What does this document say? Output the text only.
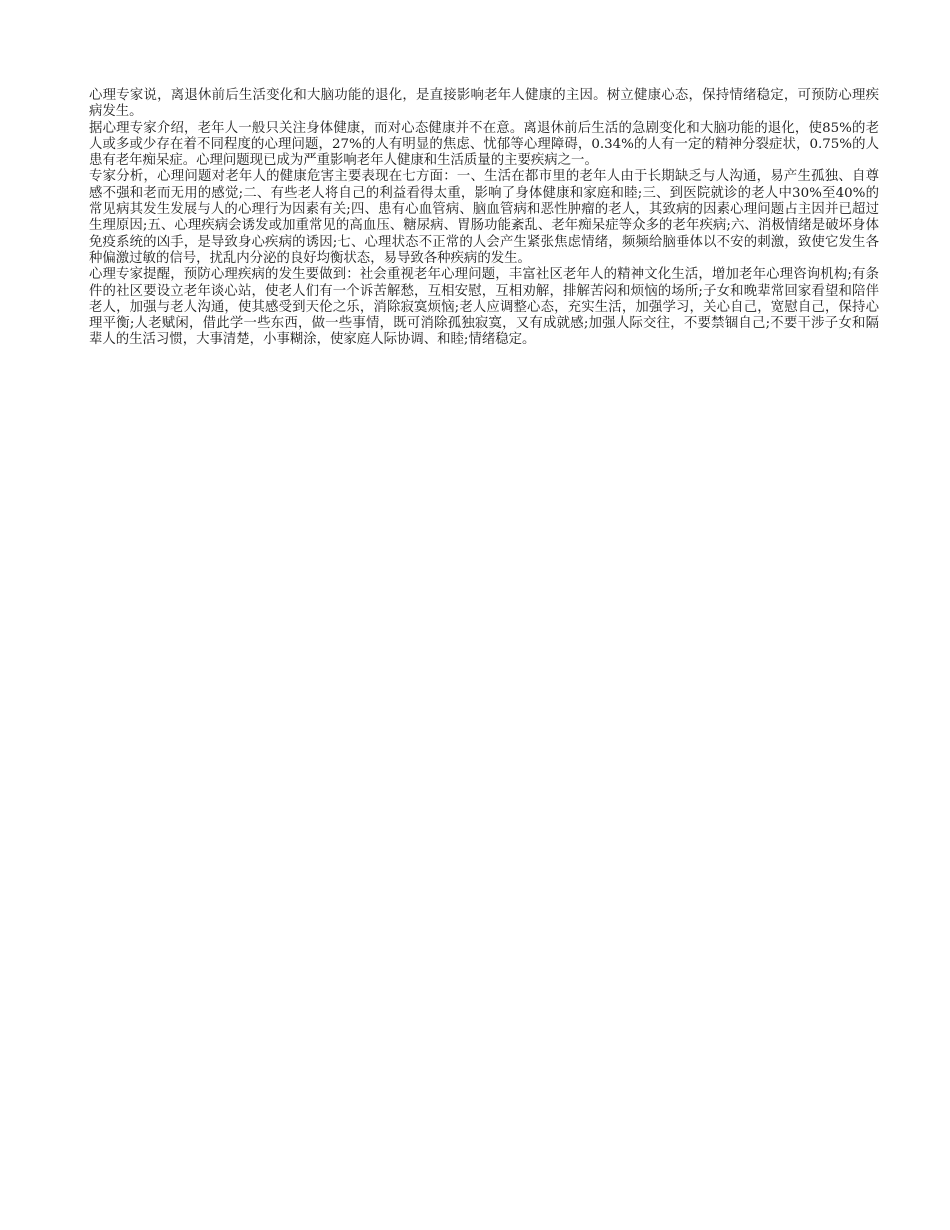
心理专家说，离退休前后生活变化和大脑功能的退化，是直接影响老年人健康的主因。树立健康心态，保持情绪稳定，可预防心理疾病发生。

据心理专家介绍，老年人一般只关注身体健康，而对心态健康并不在意。离退休前后生活的急剧变化和大脑功能的退化，使85%的老人或多或少存在着不同程度的心理问题，27%的人有明显的焦虑、忧郁等心理障碍，0.34%的人有一定的精神分裂症状，0.75%的人患有老年痴呆症。心理问题现已成为严重影响老年人健康和生活质量的主要疾病之一。

专家分析，心理问题对老年人的健康危害主要表现在七方面：一、生活在都市里的老年人由于长期缺乏与人沟通，易产生孤独、自尊感不强和老而无用的感觉;二、有些老人将自己的利益看得太重，影响了身体健康和家庭和睦;三、到医院就诊的老人中30%至40%的常见病其发生发展与人的心理行为因素有关;四、患有心血管病、脑血管病和恶性肿瘤的老人，其致病的因素心理问题占主因并已超过生理原因;五、心理疾病会诱发或加重常见的高血压、糖尿病、胃肠功能紊乱、老年痴呆症等众多的老年疾病;六、消极情绪是破坏身体免疫系统的凶手，是导致身心疾病的诱因;七、心理状态不正常的人会产生紧张焦虑情绪，频频给脑垂体以不安的刺激，致使它发生各种偏激过敏的信号，扰乱内分泌的良好均衡状态，易导致各种疾病的发生。

心理专家提醒，预防心理疾病的发生要做到：社会重视老年心理问题，丰富社区老年人的精神文化生活，增加老年心理咨询机构;有条件的社区要设立老年谈心站，使老人们有一个诉苦解愁，互相安慰，互相劝解，排解苦闷和烦恼的场所;子女和晚辈常回家看望和陪伴老人，加强与老人沟通，使其感受到天伦之乐，消除寂寞烦恼;老人应调整心态，充实生活，加强学习，关心自己，宽慰自己，保持心理平衡;人老赋闲，借此学一些东西，做一些事情，既可消除孤独寂寞，又有成就感;加强人际交往，不要禁锢自己;不要干涉子女和隔辈人的生活习惯，大事清楚，小事糊涂，使家庭人际协调、和睦;情绪稳定。
